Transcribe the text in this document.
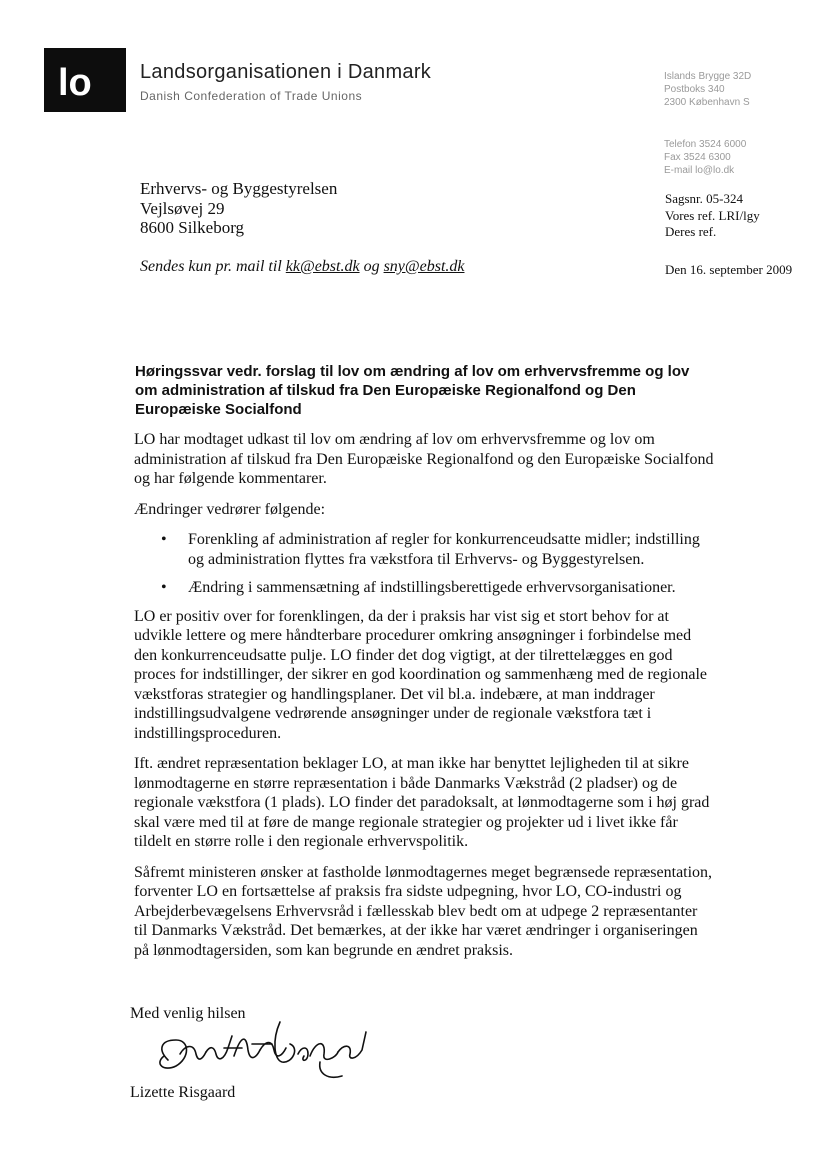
lo Landsorganisationen i Danmark
Danish Confederation of Trade Unions
Islands Brygge 32D
Postboks 340
2300 København S
Telefon 3524 6000
Fax 3524 6300
E-mail lo@lo.dk
Erhvervs- og Byggestyrelsen
Vejlsøvej 29
8600 Silkeborg
Sagsnr. 05-324
Vores ref. LRI/lgy
Deres ref.
Sendes kun pr. mail til kk@ebst.dk og sny@ebst.dk	Den 16. september 2009
Høringssvar vedr. forslag til lov om ændring af lov om erhvervsfremme og lov om administration af tilskud fra Den Europæiske Regionalfond og Den Europæiske Socialfond

LO har modtaget udkast til lov om ændring af lov om erhvervsfremme og lov om administration af tilskud fra Den Europæiske Regionalfond og den Europæiske Socialfond og har følgende kommentarer.

Ændringer vedrører følgende:

• Forenkling af administration af regler for konkurrenceudsatte midler; indstilling og administration flyttes fra vækstfora til Erhvervs- og Byggestyrelsen.
• Ændring i sammensætning af indstillingsberettigede erhvervsorganisationer.

LO er positiv over for forenklingen, da der i praksis har vist sig et stort behov for at udvikle lettere og mere håndterbare procedurer omkring ansøgninger i forbindelse med den konkurrenceudsatte pulje. LO finder det dog vigtigt, at der tilrettelægges en god proces for indstillinger, der sikrer en god koordination og sammenhæng med de regionale vækstforas strategier og handlingsplaner. Det vil bl.a. indebære, at man inddrager indstillingsudvalgene vedrørende ansøgninger under de regionale vækstfora tæt i indstillingsproceduren.

Ift. ændret repræsentation beklager LO, at man ikke har benyttet lejligheden til at sikre lønmodtagerne en større repræsentation i både Danmarks Vækstråd (2 pladser) og de regionale vækstfora (1 plads). LO finder det paradoksalt, at lønmodtagerne som i høj grad skal være med til at føre de mange regionale strategier og projekter ud i livet ikke får tildelt en større rolle i den regionale erhvervspolitik.

Såfremt ministeren ønsker at fastholde lønmodtagernes meget begrænsede repræsentation, forventer LO en fortsættelse af praksis fra sidste udpegning, hvor LO, CO-industri og Arbejderbevægelsens Erhvervsråd i fællesskab blev bedt om at udpege 2 repræsentanter til Danmarks Vækstråd. Det bemærkes, at der ikke har været ændringer i organiseringen på lønmodtagersiden, som kan begrunde en ændret praksis.

Med venlig hilsen
Lizette Risgaard
